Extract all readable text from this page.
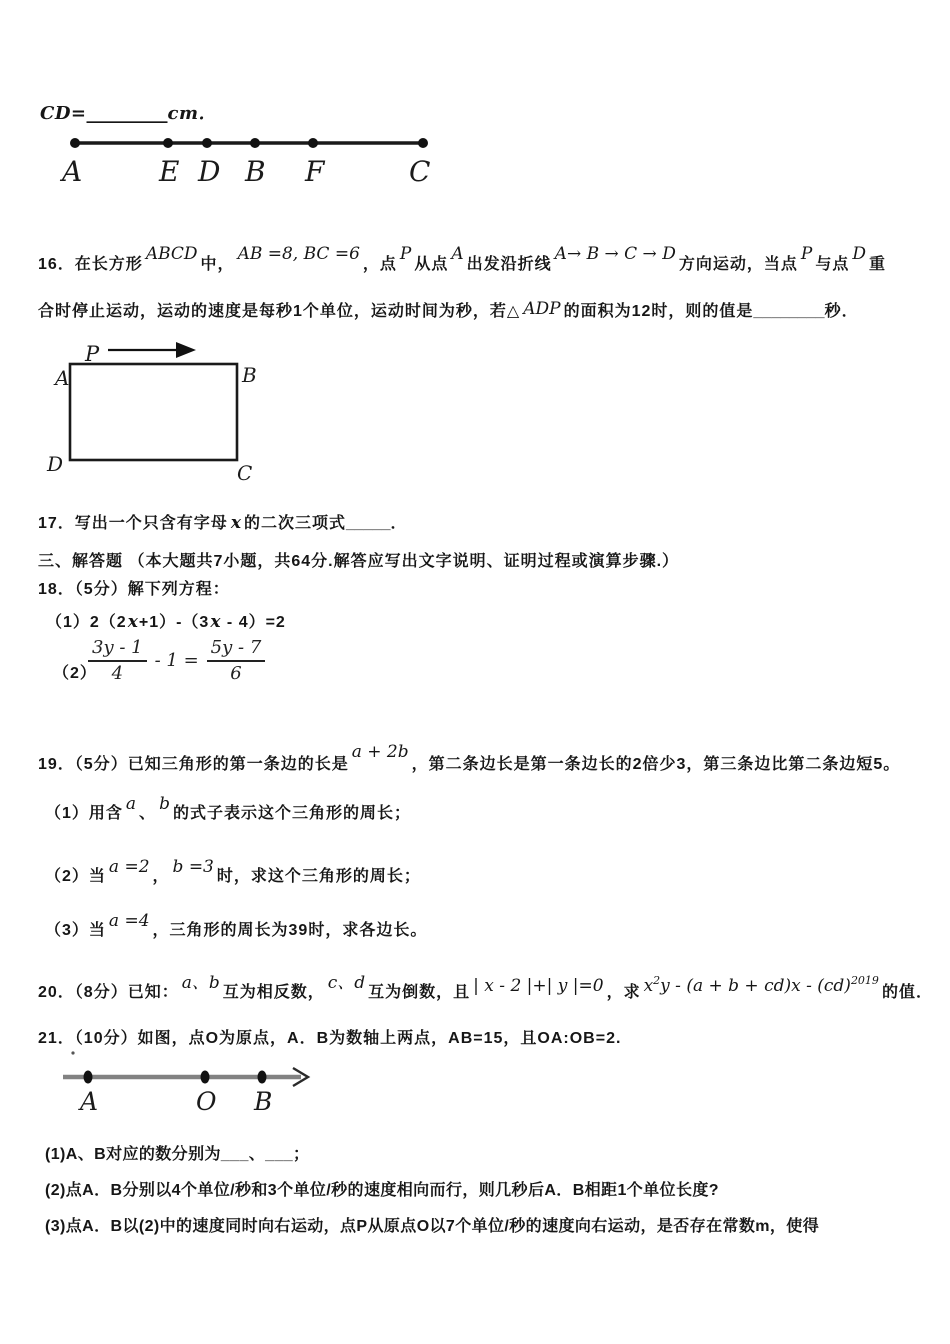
CD=_________cm．
A	E D B F	C
16．在长方形ABCD中，AB =8, BC =6，点P从点A出发沿折线A→ B → C → D方向运动，当点P与点D重
合时停止运动，运动的速度是每秒1个单位，运动时间为秒，若△ ADP 的面积为12时，则的值是________秒．
P
A	B
D	C
17．写出一个只含有字母 x 的二次三项式_____．
三、解答题 （本大题共7小题，共64分.解答应写出文字说明、证明过程或演算步骤.）
18．（5分）解下列方程：
（1）2（2x+1）-（3x - 4）=2
（2）
$\frac{3y - 1}{4} - 1 = \frac{5y - 7}{6}$
19．（5分）已知三角形的第一条边的长是a + 2b，第二条边长是第一条边长的2倍少3，第三条边比第二条边短5。
（1）用含 a 、 b 的式子表示这个三角形的周长；
（2）当 a =2 ， b =3 时，求这个三角形的周长；
（3）当 a =4 ，三角形的周长为39时，求各边长。
20．（8分）已知： a、b 互为相反数， c、d 互为倒数，且 | x - 2 |+| y |=0 ，求 $x^2y - (a + b + cd)x - (cd)^{2019}$的值．
21．（10分）如图，点O为原点，A．B为数轴上两点，AB=15，且OA:OB=2.
A	O B
(1)A、B对应的数分别为___、___；
(2)点A．B分别以4个单位/秒和3个单位/秒的速度相向而行，则几秒后A．B相距1个单位长度?
(3)点A．B以(2)中的速度同时向右运动，点P从原点O以7个单位/秒的速度向右运动，是否存在常数m，使得
